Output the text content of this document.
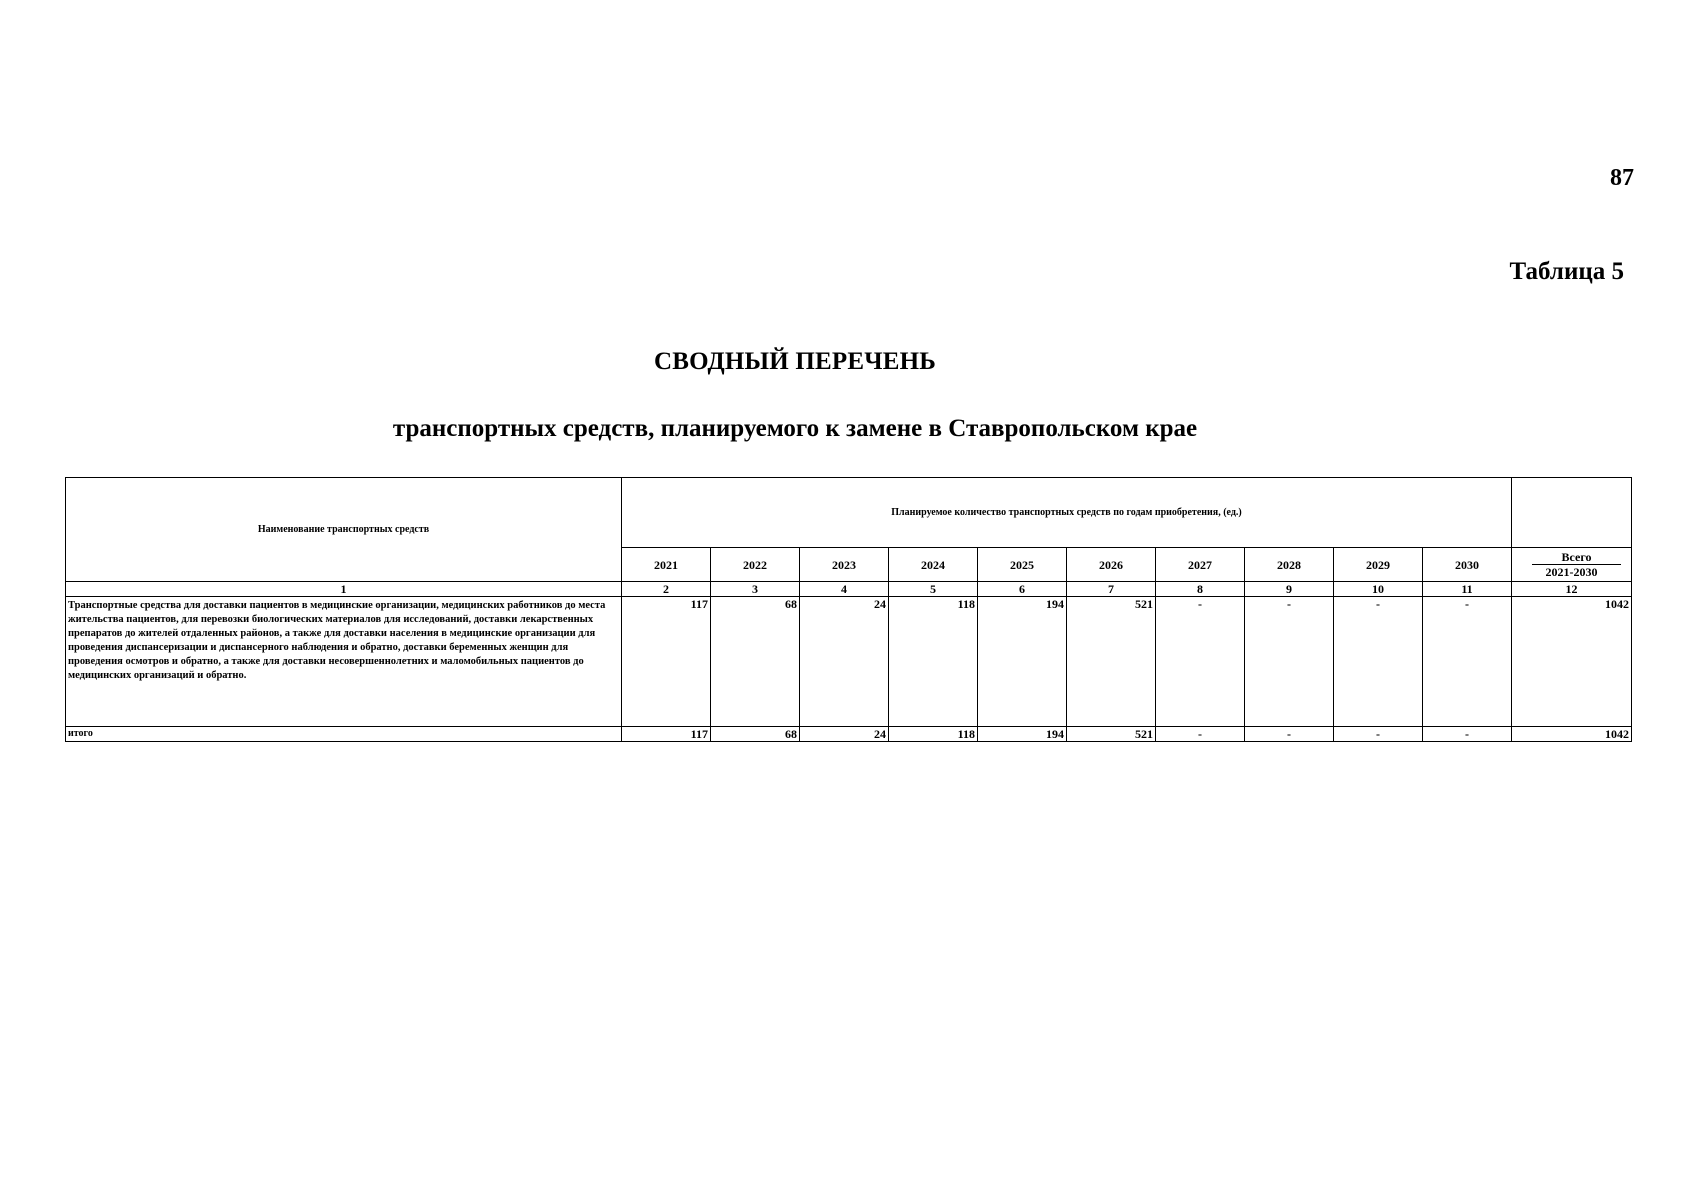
87
Таблица 5
СВОДНЫЙ ПЕРЕЧЕНЬ
транспортных средств, планируемого к замене в Ставропольском крае
Наименование транспортных средств	Планируемое количество транспортных средств по годам приобретения, (ед.)										
	2021	2022	2023	2024	2025	2026	2027	2028	2029	2030	Всего
2021-2030

1	2	3	4	5	6	7	8	9	10	11	12
Транспортные средства для доставки пациентов в медицинские организации, медицинских работников до места жительства пациентов, для перевозки биологических материалов для исследований, доставки лекарственных препаратов до жителей отдаленных районов, а также для доставки населения в медицинские организации для проведения диспансеризации и диспансерного наблюдения и обратно, доставки беременных женщин для проведения осмотров и обратно, а также для доставки несовершеннолетних и маломобильных пациентов до медицинских организаций и обратно.	117	68	24	118	194	521	-	-	-	-	1042
итого	117	68	24	118	194	521	-	-	-	-	1042
